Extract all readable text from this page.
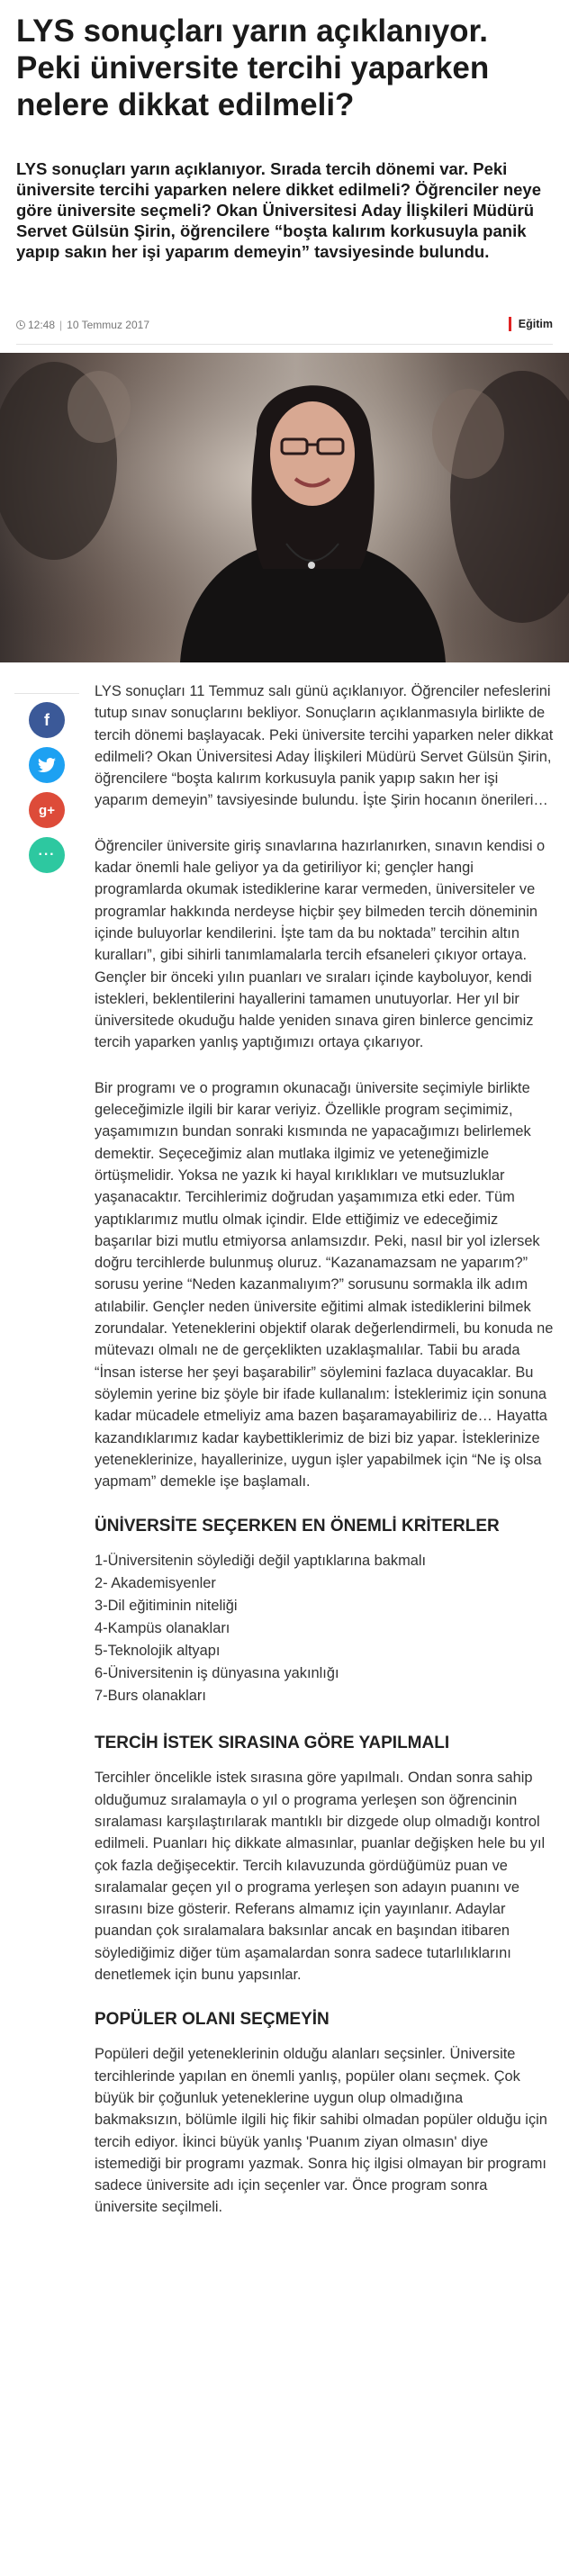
LYS sonuçları yarın açıklanıyor. Peki üniversite tercihi yaparken nelere dikkat edilmeli?

LYS sonuçları yarın açıklanıyor. Sırada tercih dönemi var. Peki üniversite tercihi yaparken nelere dikket edilmeli? Öğrenciler neye göre üniversite seçmeli? Okan Üniversitesi Aday İlişkileri Müdürü Servet Gülsün Şirin, öğrencilere “boşta kalırım korkusuyla panik yapıp sakın her işi yaparım demeyin” tavsiyesinde bulundu.

12:48 | 10 Temmuz 2017	Eğitim
f
g+
···

LYS sonuçları 11 Temmuz salı günü açıklanıyor. Öğrenciler nefeslerini tutup sınav sonuçlarını bekliyor. Sonuçların açıklanmasıyla birlikte de tercih dönemi başlayacak. Peki üniversite tercihi yaparken neler dikkat edilmeli? Okan Üniversitesi Aday İlişkileri Müdürü Servet Gülsün Şirin, öğrencilere “boşta kalırım korkusuyla panik yapıp sakın her işi yaparım demeyin” tavsiyesinde bulundu. İşte Şirin hocanın önerileri…

Öğrenciler üniversite giriş sınavlarına hazırlanırken, sınavın kendisi o kadar önemli hale geliyor ya da getiriliyor ki; gençler hangi programlarda okumak istediklerine karar vermeden, üniversiteler ve programlar hakkında nerdeyse hiçbir şey bilmeden tercih döneminin içinde buluyorlar kendilerini. İşte tam da bu noktada” tercihin altın kuralları”, gibi sihirli tanımlamalarla tercih efsaneleri çıkıyor ortaya. Gençler bir önceki yılın puanları ve sıraları içinde kayboluyor, kendi istekleri, beklentilerini hayallerini tamamen unutuyorlar. Her yıl bir üniversitede okuduğu halde yeniden sınava giren binlerce gencimiz tercih yaparken yanlış yaptığımızı ortaya çıkarıyor.

Bir programı ve o programın okunacağı üniversite seçimiyle birlikte geleceğimizle ilgili bir karar veriyiz. Özellikle program seçimimiz, yaşamımızın bundan sonraki kısmında ne yapacağımızı belirlemek demektir. Seçeceğimiz alan mutlaka ilgimiz ve yeteneğimizle örtüşmelidir. Yoksa ne yazık ki hayal kırıklıkları ve mutsuzluklar yaşanacaktır. Tercihlerimiz doğrudan yaşamımıza etki eder. Tüm yaptıklarımız mutlu olmak içindir. Elde ettiğimiz ve edeceğimiz başarılar bizi mutlu etmiyorsa anlamsızdır. Peki, nasıl bir yol izlersek doğru tercihlerde bulunmuş oluruz. “Kazanamazsam ne yaparım?” sorusu yerine “Neden kazanmalıyım?” sorusunu sormakla ilk adım atılabilir. Gençler neden üniversite eğitimi almak istediklerini bilmek zorundalar. Yeteneklerini objektif olarak değerlendirmeli, bu konuda ne mütevazı olmalı ne de gerçeklikten uzaklaşmalılar. Tabii bu arada “İnsan isterse her şeyi başarabilir” söylemini fazlaca duyacaklar. Bu söylemin yerine biz şöyle bir ifade kullanalım: İsteklerimiz için sonuna kadar mücadele etmeliyiz ama bazen başaramayabiliriz de… Hayatta kazandıklarımız kadar kaybettiklerimiz de bizi biz yapar. İsteklerinize yeteneklerinize, hayallerinize, uygun işler yapabilmek için “Ne iş olsa yapmam” demekle işe başlamalı.

ÜNİVERSİTE SEÇERKEN EN ÖNEMLİ KRİTERLER
1-Üniversitenin söylediği değil yaptıklarına bakmalı
2- Akademisyenler
3-Dil eğitiminin niteliği
4-Kampüs olanakları
5-Teknolojik altyapı
6-Üniversitenin iş dünyasına yakınlığı
7-Burs olanakları
TERCİH İSTEK SIRASINA GÖRE YAPILMALI

Tercihler öncelikle istek sırasına göre yapılmalı. Ondan sonra sahip olduğumuz sıralamayla o yıl o programa yerleşen son öğrencinin sıralaması karşılaştırılarak mantıklı bir dizgede olup olmadığı kontrol edilmeli. Puanları hiç dikkate almasınlar, puanlar değişken hele bu yıl çok fazla değişecektir. Tercih kılavuzunda gördüğümüz puan ve sıralamalar geçen yıl o programa yerleşen son adayın puanını ve sırasını bize gösterir. Referans almamız için yayınlanır. Adaylar puandan çok sıralamalara baksınlar ancak en başından itibaren söylediğimiz diğer tüm aşamalardan sonra sadece tutarlılıklarını denetlemek için bunu yapsınlar.

POPÜLER OLANI SEÇMEYİN

Popüleri değil yeteneklerinin olduğu alanları seçsinler. Üniversite tercihlerinde yapılan en önemli yanlış, popüler olanı seçmek. Çok büyük bir çoğunluk yeteneklerine uygun olup olmadığına bakmaksızın, bölümle ilgili hiç fikir sahibi olmadan popüler olduğu için tercih ediyor. İkinci büyük yanlış 'Puanım ziyan olmasın' diye istemediği bir programı yazmak. Sonra hiç ilgisi olmayan bir programı sadece üniversite adı için seçenler var. Önce program sonra üniversite seçilmeli.
